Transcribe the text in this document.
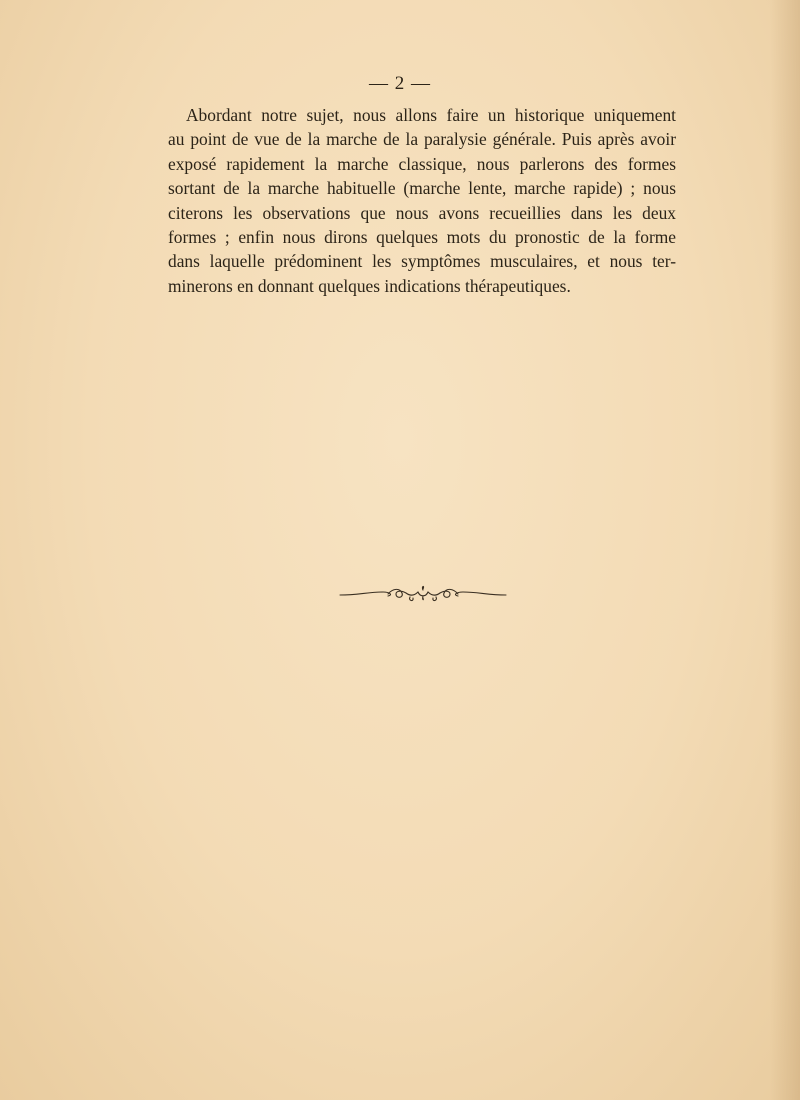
— 2 —
Abordant notre sujet, nous allons faire un historique uniquement
au point de vue de la marche de la paralysie générale. Puis après avoir
exposé rapidement la marche classique, nous parlerons des formes
sortant de la marche habituelle (marche lente, marche rapide) ; nous
citerons les observations que nous avons recueillies dans les deux
formes ; enfin nous dirons quelques mots du pronostic de la forme
dans laquelle prédominent les symptômes musculaires, et nous ter-
minerons en donnant quelques indications thérapeutiques.
